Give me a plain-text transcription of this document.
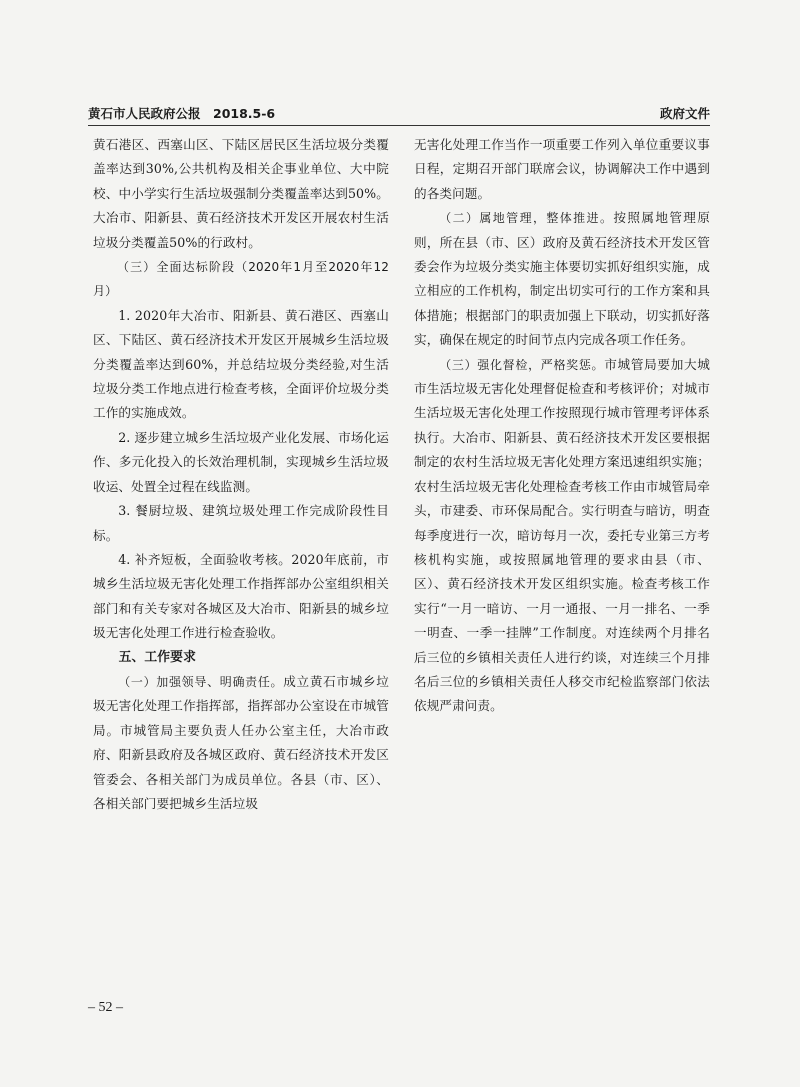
黄石市人民政府公报　2018.5-6	政府文件

黄石港区、西塞山区、下陆区居民区生活垃圾分类覆盖率达到30%,公共机构及相关企事业单位、大中院校、中小学实行生活垃圾强制分类覆盖率达到50%。大冶市、阳新县、黄石经济技术开发区开展农村生活垃圾分类覆盖50%的行政村。

（三）全面达标阶段（2020年1月至2020年12月）

1. 2020年大冶市、阳新县、黄石港区、西塞山区、下陆区、黄石经济技术开发区开展城乡生活垃圾分类覆盖率达到60%，并总结垃圾分类经验,对生活垃圾分类工作地点进行检查考核，全面评价垃圾分类工作的实施成效。

2. 逐步建立城乡生活垃圾产业化发展、市场化运作、多元化投入的长效治理机制，实现城乡生活垃圾收运、处置全过程在线监测。

3. 餐厨垃圾、建筑垃圾处理工作完成阶段性目标。

4. 补齐短板，全面验收考核。2020年底前，市城乡生活垃圾无害化处理工作指挥部办公室组织相关部门和有关专家对各城区及大冶市、阳新县的城乡垃圾无害化处理工作进行检查验收。

五、工作要求

（一）加强领导、明确责任。成立黄石市城乡垃圾无害化处理工作指挥部，指挥部办公室设在市城管局。市城管局主要负责人任办公室主任，大冶市政府、阳新县政府及各城区政府、黄石经济技术开发区管委会、各相关部门为成员单位。各县（市、区）、各相关部门要把城乡生活垃圾

无害化处理工作当作一项重要工作列入单位重要议事日程，定期召开部门联席会议，协调解决工作中遇到的各类问题。

（二）属地管理，整体推进。按照属地管理原则，所在县（市、区）政府及黄石经济技术开发区管委会作为垃圾分类实施主体要切实抓好组织实施，成立相应的工作机构，制定出切实可行的工作方案和具体措施；根据部门的职责加强上下联动，切实抓好落实，确保在规定的时间节点内完成各项工作任务。

（三）强化督检，严格奖惩。市城管局要加大城市生活垃圾无害化处理督促检查和考核评价；对城市生活垃圾无害化处理工作按照现行城市管理考评体系执行。大冶市、阳新县、黄石经济技术开发区要根据制定的农村生活垃圾无害化处理方案迅速组织实施；农村生活垃圾无害化处理检查考核工作由市城管局牵头，市建委、市环保局配合。实行明查与暗访，明查每季度进行一次，暗访每月一次，委托专业第三方考核机构实施，或按照属地管理的要求由县（市、区）、黄石经济技术开发区组织实施。检查考核工作实行“一月一暗访、一月一通报、一月一排名、一季一明查、一季一挂牌”工作制度。对连续两个月排名后三位的乡镇相关责任人进行约谈，对连续三个月排名后三位的乡镇相关责任人移交市纪检监察部门依法依规严肃问责。

– 52 –
